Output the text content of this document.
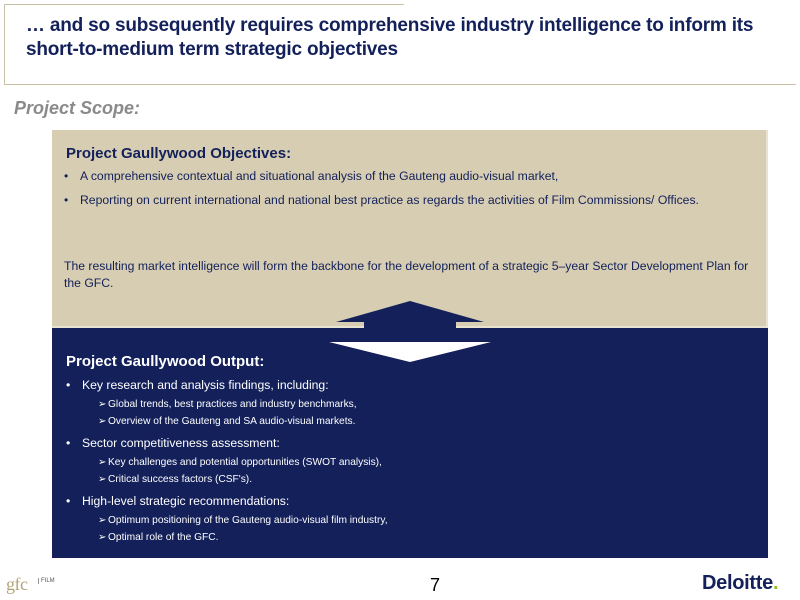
… and so subsequently requires comprehensive industry intelligence to inform its short-to-medium term strategic objectives
Project Scope:
Project Gaullywood Objectives:
• A comprehensive contextual and situational analysis of the Gauteng audio-visual market,
• Reporting on current international and national best practice as regards the activities of Film Commissions/ Offices.
The resulting market intelligence will form the backbone for the development of a strategic 5–year Sector Development Plan for the GFC.
Project Gaullywood Output:
• Key research and analysis findings, including:
➢ Global trends, best practices and industry benchmarks,
➢ Overview of the Gauteng and SA audio-visual markets.
• Sector competitiveness assessment:
➢ Key challenges and potential opportunities (SWOT analysis),
➢ Critical success factors (CSF's).
• High-level strategic recommendations:
➢ Optimum positioning of the Gauteng audio-visual film industry,
➢ Optimal role of the GFC.
gfc	FILM	7	Deloitte.
